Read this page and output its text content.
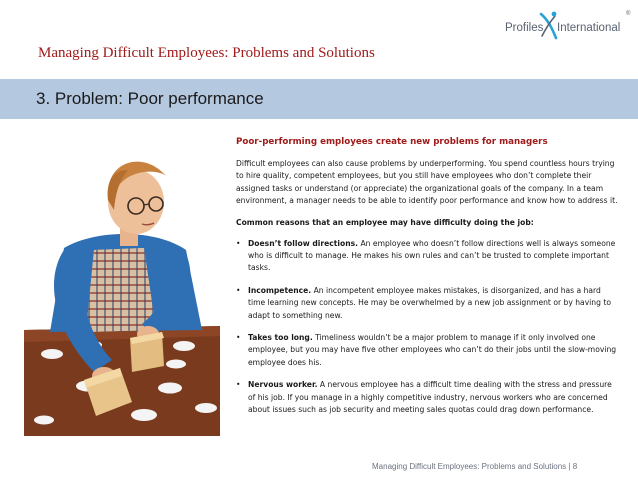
Profiles International
®
Managing Difficult Employees: Problems and Solutions
3. Problem: Poor performance

Poor-performing employees create new problems for managers

Difficult employees can also cause problems by underperforming. You spend countless hours trying to hire quality, competent employees, but you still have employees who don’t complete their assigned tasks or understand (or appreciate) the organizational goals of the company. In a team environment, a manager needs to be able to identify poor performance and know how to address it.

Common reasons that an employee may have difficulty doing the job:

• Doesn’t follow directions. An employee who doesn’t follow directions well is always someone who is difficult to manage. He makes his own rules and can’t be trusted to complete important tasks.
• Incompetence. An incompetent employee makes mistakes, is disorganized, and has a hard time learning new concepts. He may be overwhelmed by a new job assignment or by having to adapt to something new.
• Takes too long. Timeliness wouldn’t be a major problem to manage if it only involved one employee, but you may have five other employees who can’t do their jobs until the slow-moving employee does his.
• Nervous worker. A nervous employee has a difficult time dealing with the stress and pressure of his job. If you manage in a highly competitive industry, nervous workers who are concerned about issues such as job security and meeting sales quotas could drag down performance.
Managing Difficult Employees: Problems and Solutions | 8
